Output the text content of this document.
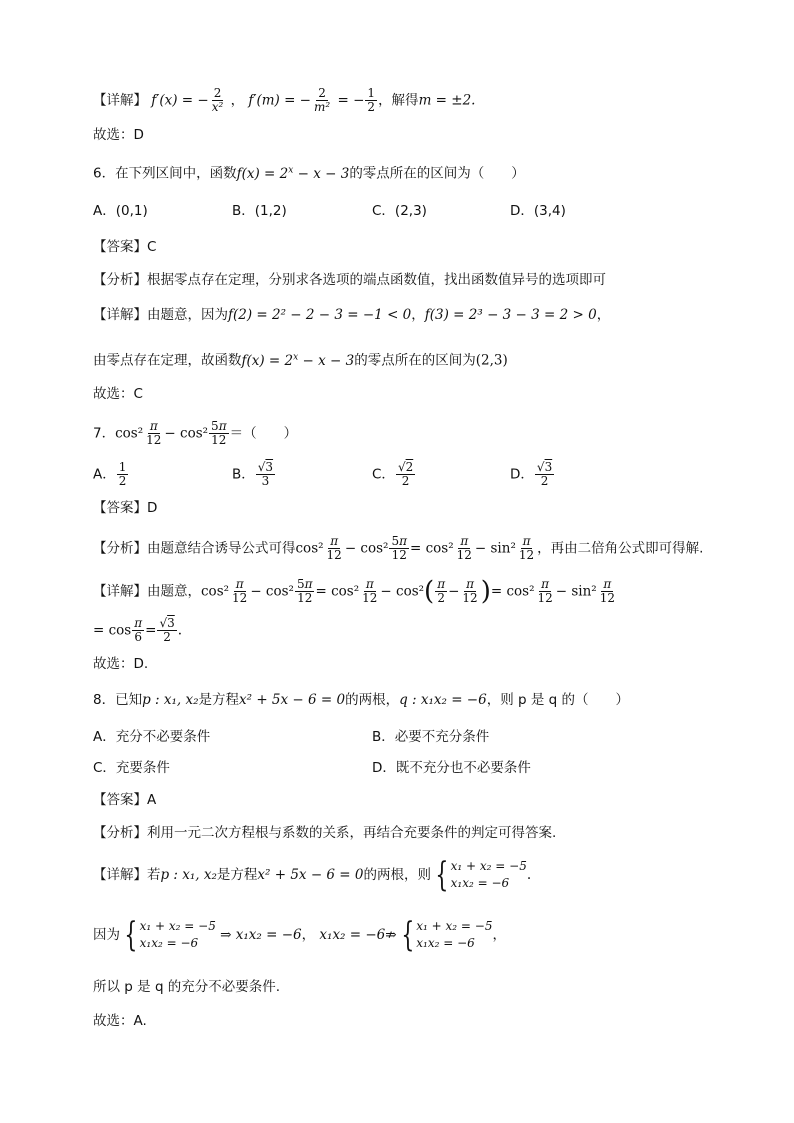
【详解】 f′(x) = − $\frac{2}{\text{x²}}$ ， f′(m) = − $\frac{2}{\text{m²}}$ = − $\frac{1}{2}$ ，解得m = ±2.
故选：D
6．在下列区间中，函数$f(x) = 2^x - x - 3$的零点所在的区间为（　　）
A．(0,1)	B．(1,2)	C．(2,3)	D．(3,4)
【答案】C
【分析】根据零点存在定理，分别求各选项的端点函数值，找出函数值异号的选项即可
【详解】由题意，因为f(2) = 2² − 2 − 3 = −1 < 0，f(3) = 2³ − 3 − 3 = 2 > 0，
由零点存在定理，故函数$f(x) = 2^x - x - 3$的零点所在的区间为(2,3)
故选：C
7．$\cos^2 \frac{\pi}{12} - \cos^2 \frac{5\pi}{12}$ ＝（　　）
A． $\frac{1}{2}$	B． $\frac{√3}{3}$	C． $\frac{√2}{2}$	D． $\frac{√3}{2}$
【答案】D
【分析】由题意结合诱导公式可得$\cos^2 \frac{\pi}{12} - \cos^2 \frac{5\pi}{12} = \cos^2 \frac{\pi}{12} - \sin^2 \frac{\pi}{12}$ ，再由二倍角公式即可得解.
【详解】由题意，$\cos^2 \frac{\pi}{12} - \cos^2 \frac{5\pi}{12} = \cos^2 \frac{\pi}{12} - \cos^2( \frac{\pi}{2} - \frac{\pi}{12}$ )= $\cos^2 \frac{\pi}{12} - \sin^2 \frac{\pi}{12}$
= $\cos \frac{\pi}{6} = \frac{√3}{2}$ .
故选：D.
8．已知p : x₁, x₂是方程x² + 5x − 6 = 0的两根，q : x₁x₂ = −6，则 p 是 q 的（　　）
A．充分不必要条件	B．必要不充分条件
C．充要条件	D．既不充分也不必要条件
【答案】A
【分析】利用一元二次方程根与系数的关系，再结合充要条件的判定可得答案.
【详解】若p : x₁, x₂是方程x² + 5x − 6 = 0的两根，则 { x₁ + x₂ = −5
x₁x₂ = −6	.
因为 { x₁ + x₂ = −5
x₁x₂ = −6	⇒ x₁x₂ = −6， x₁x₂ = −6⇏ { x₁ + x₂ = −5
x₁x₂ = −6	，
所以 p 是 q 的充分不必要条件.
故选：A.
